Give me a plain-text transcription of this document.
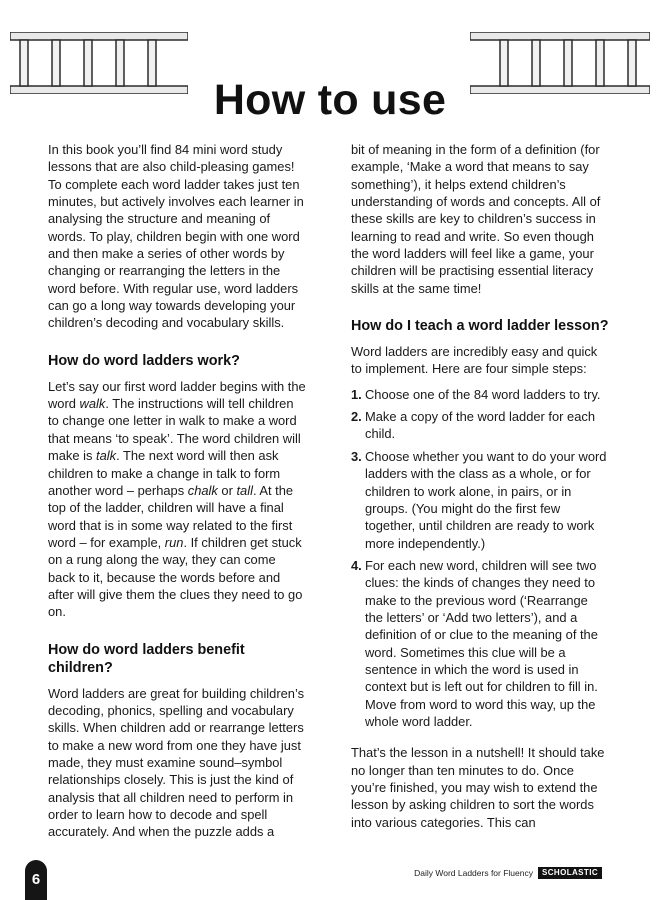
How to use

In this book you’ll find 84 mini word study lessons that are also child-pleasing games! To complete each word ladder takes just ten minutes, but actively involves each learner in analysing the structure and meaning of words. To play, children begin with one word and then make a series of other words by changing or rearranging the letters in the word before. With regular use, word ladders can go a long way towards developing your children’s decoding and vocabulary skills.

How do word ladders work?

Let’s say our first word ladder begins with the word walk. The instructions will tell children to change one letter in walk to make a word that means ‘to speak’. The word children will make is talk. The next word will then ask children to make a change in talk to form another word – perhaps chalk or tall. At the top of the ladder, children will have a final word that is in some way related to the first word – for example, run. If children get stuck on a rung along the way, they can come back to it, because the words before and after will give them the clues they need to go on.

How do word ladders benefit children?

Word ladders are great for building children’s decoding, phonics, spelling and vocabulary skills. When children add or rearrange letters to make a new word from one they have just made, they must examine sound–symbol relationships closely. This is just the kind of analysis that all children need to perform in order to learn how to decode and spell accurately. And when the puzzle adds a

bit of meaning in the form of a definition (for example, ‘Make a word that means to say something’), it helps extend children’s understanding of words and concepts. All of these skills are key to children’s success in learning to read and write. So even though the word ladders will feel like a game, your children will be practising essential literacy skills at the same time!

How do I teach a word ladder lesson?

Word ladders are incredibly easy and quick to implement. Here are four simple steps:

1. Choose one of the 84 word ladders to try.
2. Make a copy of the word ladder for each child.
3. Choose whether you want to do your word ladders with the class as a whole, or for children to work alone, in pairs, or in groups. (You might do the first few together, until children are ready to work more independently.)
4. For each new word, children will see two clues: the kinds of changes they need to make to the previous word (‘Rearrange the letters’ or ‘Add two letters’), and a definition of or clue to the meaning of the word. Sometimes this clue will be a sentence in which the word is used in context but is left out for children to fill in. Move from word to word this way, up the whole word ladder.

That’s the lesson in a nutshell! It should take no longer than ten minutes to do. Once you’re finished, you may wish to extend the lesson by asking children to sort the words into various categories. This can

6	Daily Word Ladders for Fluency	SCHOLASTIC
